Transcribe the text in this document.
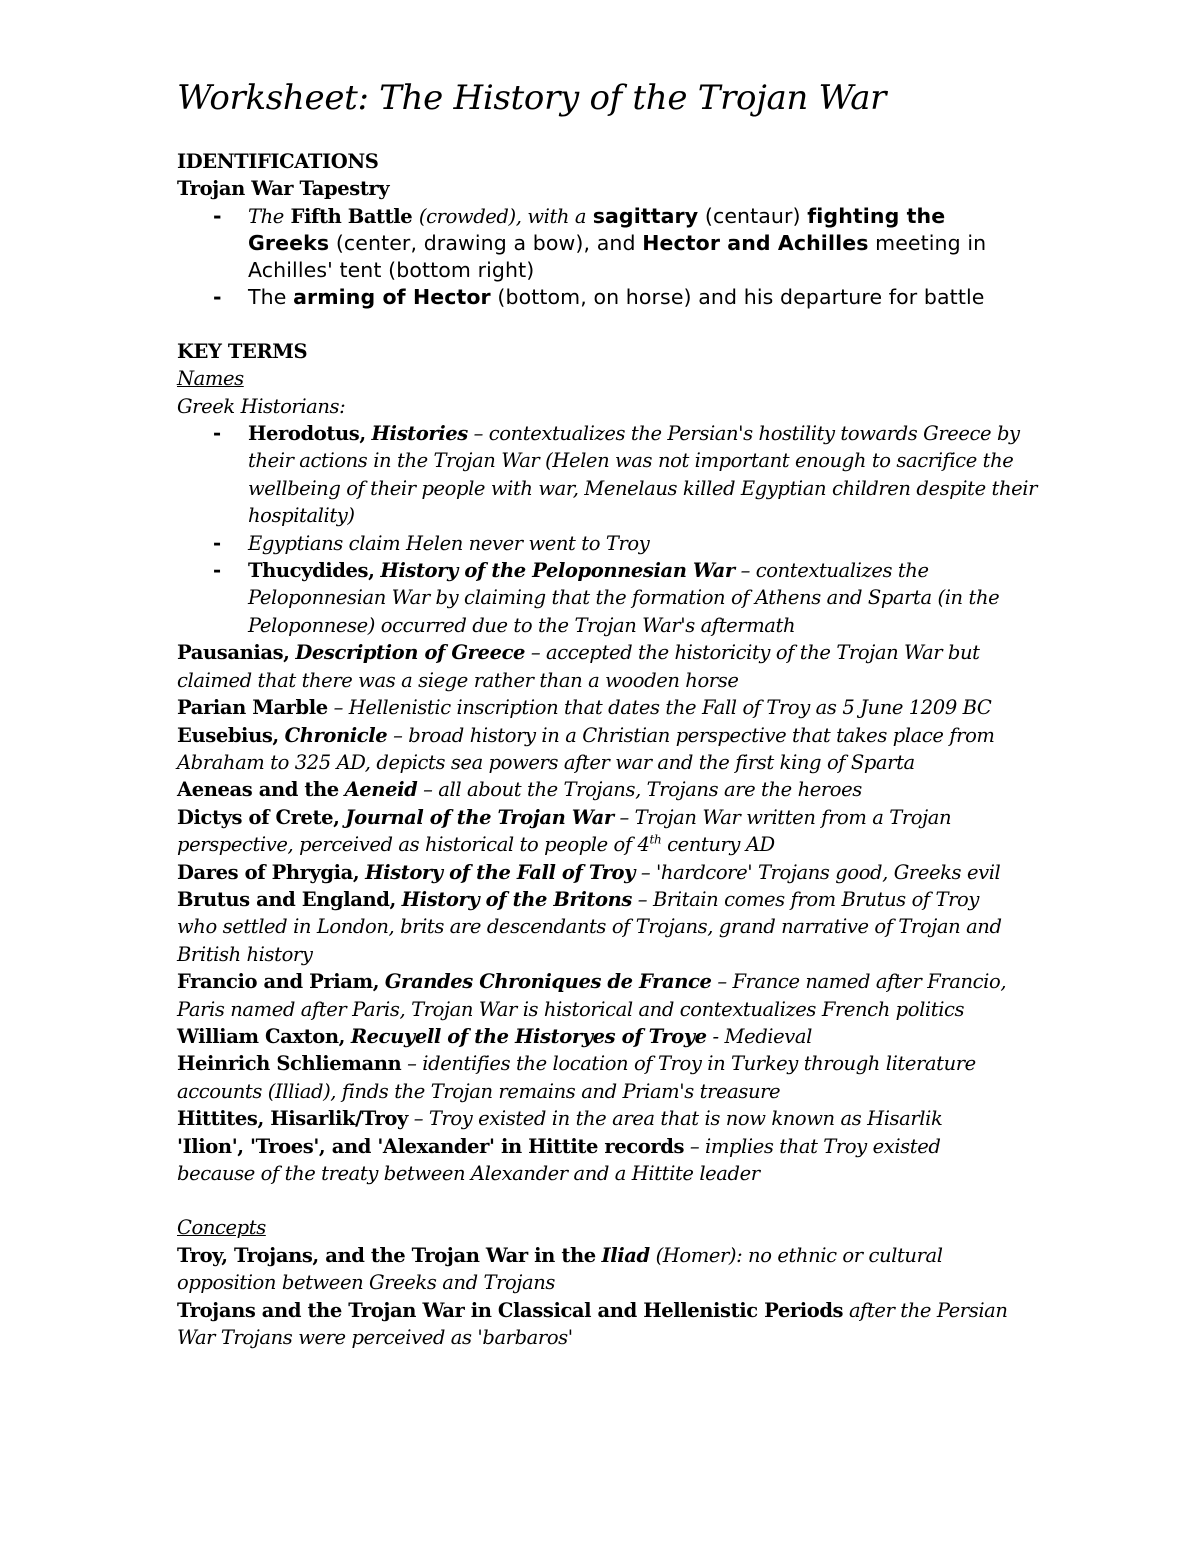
Worksheet: The History of the Trojan War
IDENTIFICATIONS
Trojan War Tapestry
- The Fifth Battle (crowded), with a sagittary (centaur) fighting the Greeks (center, drawing a bow), and Hector and Achilles meeting in Achilles' tent (bottom right)
- The arming of Hector (bottom, on horse) and his departure for battle
KEY TERMS
Names
Greek Historians:
- Herodotus, Histories – contextualizes the Persian's hostility towards Greece by their actions in the Trojan War (Helen was not important enough to sacrifice the wellbeing of their people with war, Menelaus killed Egyptian children despite their hospitality)
- Egyptians claim Helen never went to Troy
- Thucydides, History of the Peloponnesian War – contextualizes the Peloponnesian War by claiming that the formation of Athens and Sparta (in the Peloponnese) occurred due to the Trojan War's aftermath
Pausanias, Description of Greece – accepted the historicity of the Trojan War but claimed that there was a siege rather than a wooden horse
Parian Marble – Hellenistic inscription that dates the Fall of Troy as 5 June 1209 BC
Eusebius, Chronicle – broad history in a Christian perspective that takes place from Abraham to 325 AD, depicts sea powers after war and the first king of Sparta
Aeneas and the Aeneid – all about the Trojans, Trojans are the heroes
Dictys of Crete, Journal of the Trojan War – Trojan War written from a Trojan perspective, perceived as historical to people of 4th century AD
Dares of Phrygia, History of the Fall of Troy – 'hardcore' Trojans good, Greeks evil
Brutus and England, History of the Britons – Britain comes from Brutus of Troy who settled in London, brits are descendants of Trojans, grand narrative of Trojan and British history
Francio and Priam, Grandes Chroniques de France – France named after Francio, Paris named after Paris, Trojan War is historical and contextualizes French politics
William Caxton, Recuyell of the Historyes of Troye - Medieval
Heinrich Schliemann – identifies the location of Troy in Turkey through literature accounts (Illiad), finds the Trojan remains and Priam's treasure
Hittites, Hisarlik/Troy – Troy existed in the area that is now known as Hisarlik
'Ilion', 'Troes', and 'Alexander' in Hittite records – implies that Troy existed because of the treaty between Alexander and a Hittite leader
Concepts
Troy, Trojans, and the Trojan War in the Iliad (Homer): no ethnic or cultural opposition between Greeks and Trojans
Trojans and the Trojan War in Classical and Hellenistic Periods after the Persian War Trojans were perceived as 'barbaros'
